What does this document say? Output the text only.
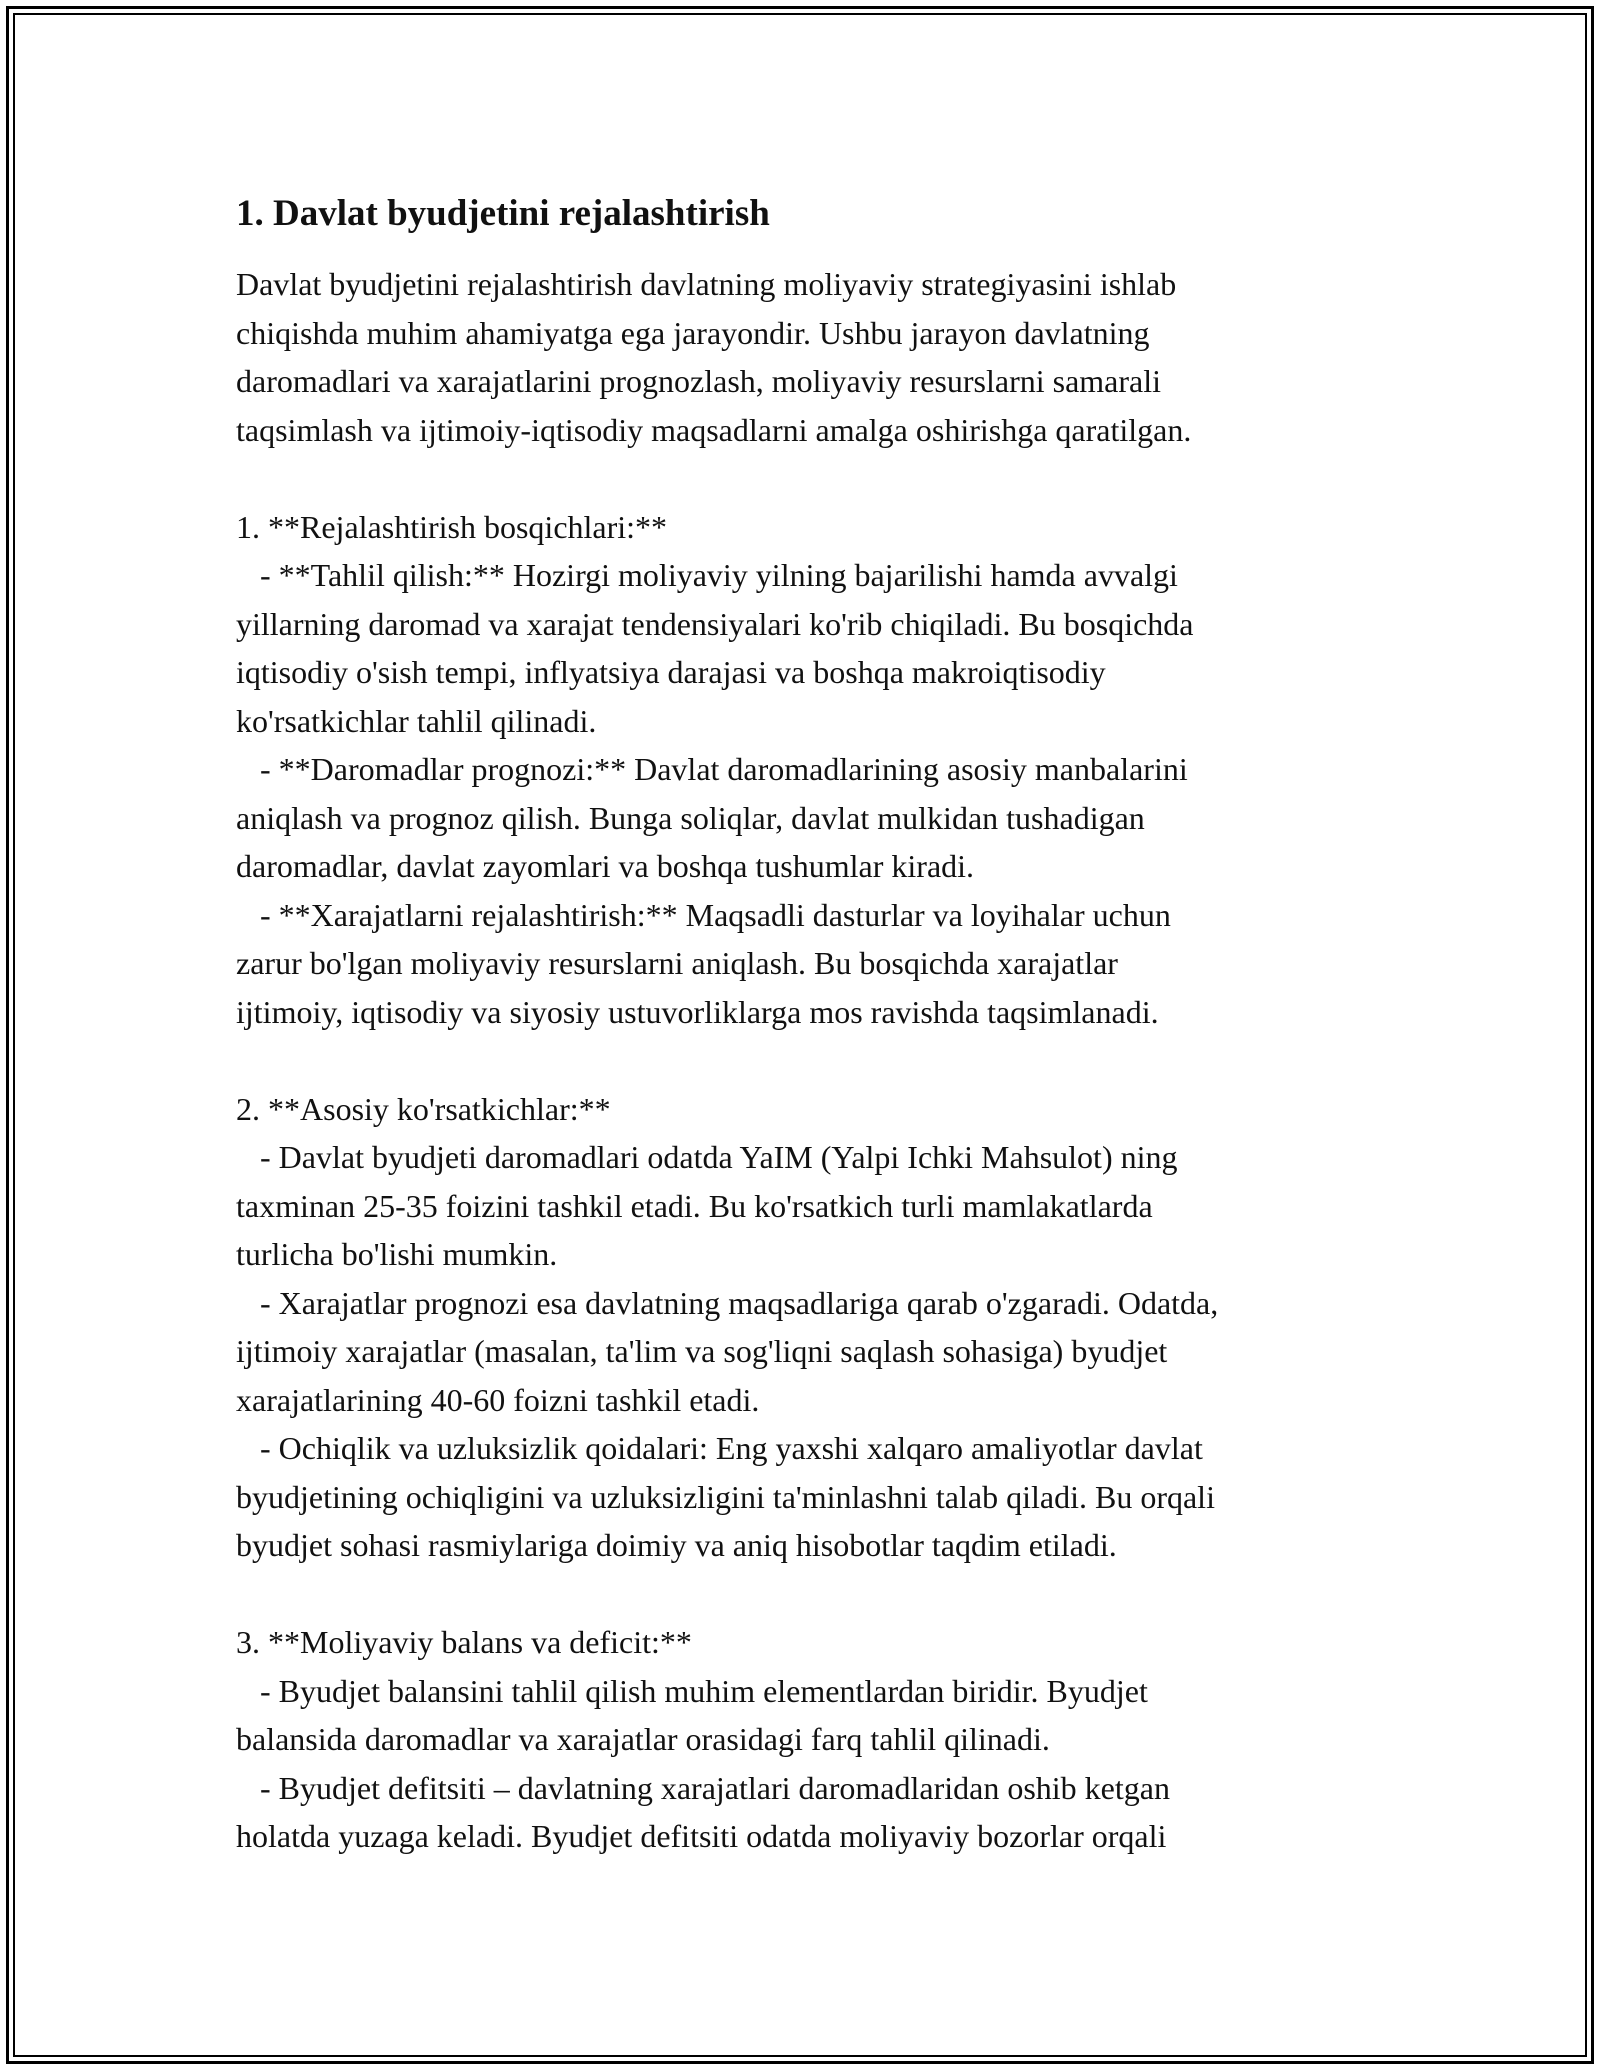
1. Davlat byudjetini rejalashtirish
Davlat byudjetini rejalashtirish davlatning moliyaviy strategiyasini ishlab
chiqishda muhim ahamiyatga ega jarayondir. Ushbu jarayon davlatning
daromadlari va xarajatlarini prognozlash, moliyaviy resurslarni samarali
taqsimlash va ijtimoiy-iqtisodiy maqsadlarni amalga oshirishga qaratilgan.
1. **Rejalashtirish bosqichlari:**
- **Tahlil qilish:** Hozirgi moliyaviy yilning bajarilishi hamda avvalgi
yillarning daromad va xarajat tendensiyalari ko'rib chiqiladi. Bu bosqichda
iqtisodiy o'sish tempi, inflyatsiya darajasi va boshqa makroiqtisodiy
ko'rsatkichlar tahlil qilinadi.
- **Daromadlar prognozi:** Davlat daromadlarining asosiy manbalarini
aniqlash va prognoz qilish. Bunga soliqlar, davlat mulkidan tushadigan
daromadlar, davlat zayomlari va boshqa tushumlar kiradi.
- **Xarajatlarni rejalashtirish:** Maqsadli dasturlar va loyihalar uchun
zarur bo'lgan moliyaviy resurslarni aniqlash. Bu bosqichda xarajatlar
ijtimoiy, iqtisodiy va siyosiy ustuvorliklarga mos ravishda taqsimlanadi.
2. **Asosiy ko'rsatkichlar:**
- Davlat byudjeti daromadlari odatda YaIM (Yalpi Ichki Mahsulot) ning
taxminan 25-35 foizini tashkil etadi. Bu ko'rsatkich turli mamlakatlarda
turlicha bo'lishi mumkin.
- Xarajatlar prognozi esa davlatning maqsadlariga qarab o'zgaradi. Odatda,
ijtimoiy xarajatlar (masalan, ta'lim va sog'liqni saqlash sohasiga) byudjet
xarajatlarining 40-60 foizni tashkil etadi.
- Ochiqlik va uzluksizlik qoidalari: Eng yaxshi xalqaro amaliyotlar davlat
byudjetining ochiqligini va uzluksizligini ta'minlashni talab qiladi. Bu orqali
byudjet sohasi rasmiylariga doimiy va aniq hisobotlar taqdim etiladi.
3. **Moliyaviy balans va deficit:**
- Byudjet balansini tahlil qilish muhim elementlardan biridir. Byudjet
balansida daromadlar va xarajatlar orasidagi farq tahlil qilinadi.
- Byudjet defitsiti – davlatning xarajatlari daromadlaridan oshib ketgan
holatda yuzaga keladi. Byudjet defitsiti odatda moliyaviy bozorlar orqali
